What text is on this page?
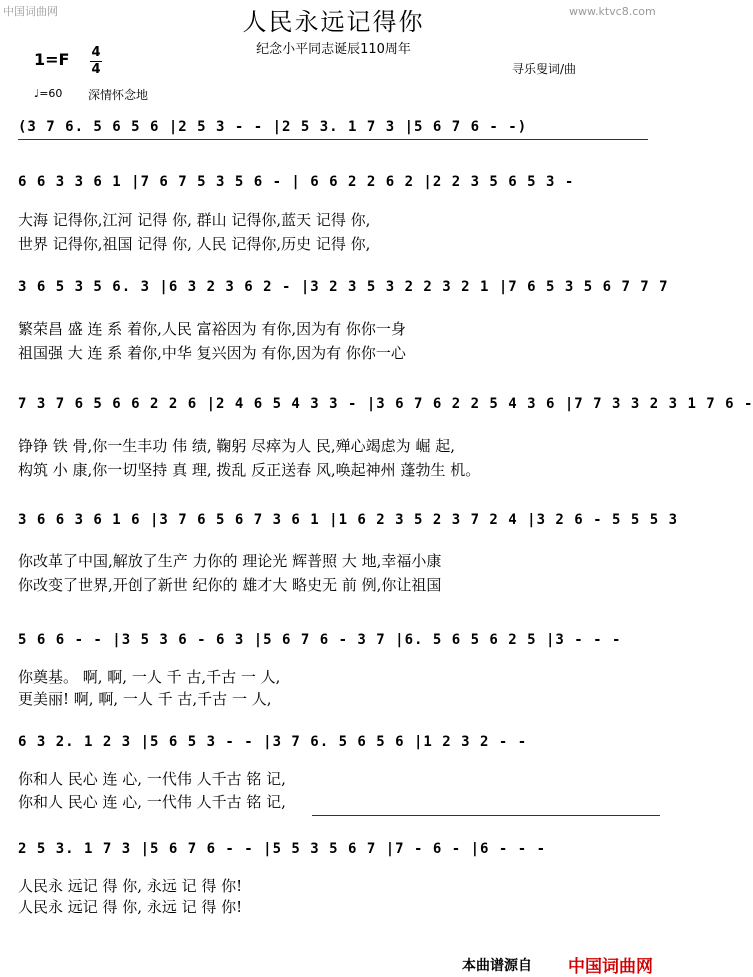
中国词曲网	www.ktvc8.com
人民永远记得你
纪念小平同志诞辰110周年
1=F 4
4
♩=60 深情怀念地
寻乐叟词/曲
(3 7 6. 5 6 5 6 |2 5 3 - - |2 5 3. 1 7 3 |5 6 7 6 - -)
6 6 3 3 6 1 |7 6 7 5 3 5 6 - | 6 6 2 2 6 2 |2 2 3 5 6 5 3 -
大海 记得你,江河 记得 你, 群山 记得你,蓝天 记得 你,
世界 记得你,祖国 记得 你, 人民 记得你,历史 记得 你,
3 6 5 3 5 6. 3 |6 3 2 3 6 2 - |3 2 3 5 3 2 2 3 2 1 |7 6 5 3 5 6 7 7 7
繁荣昌 盛 连 系 着你,人民 富裕因为 有你,因为有 你你一身
祖国强 大 连 系 着你,中华 复兴因为 有你,因为有 你你一心
7 3 7 6 5 6 6 2 2 6 |2 4 6 5 4 3 3 - |3 6 7 6 2 2 5 4 3 6 |7 7 3 3 2 3 1 7 6 -
铮铮 铁 骨,你一生丰功 伟 绩, 鞠躬 尽瘁为人 民,殚心竭虑为 崛 起,
构筑 小 康,你一切坚持 真 理, 拨乱 反正送春 风,唤起神州 蓬勃生 机。
3 6 6 3 6 1 6 |3 7 6 5 6 7 3 6 1 |1 6 2 3 5 2 3 7 2 4 |3 2 6 - 5 5 5 3
你改革了中国,解放了生产 力你的 理论光 辉普照 大 地,幸福小康
你改变了世界,开创了新世 纪你的 雄才大 略史无 前 例,你让祖国
5 6 6 - - |3 5 3 6 - 6 3 |5 6 7 6 - 3 7 |6. 5 6 5 6 2 5 |3 - - -
你奠基。 啊, 啊, 一人 千 古,千古 一 人,
更美丽! 啊, 啊, 一人 千 古,千古 一 人,
6 3 2. 1 2 3 |5 6 5 3 - - |3 7 6. 5 6 5 6 |1 2 3 2 - -
你和人 民心 连 心, 一代伟 人千古 铭 记,
你和人 民心 连 心, 一代伟 人千古 铭 记,
2 5 3. 1 7 3 |5 6 7 6 - - |5 5 3 5 6 7 |7 - 6 - |6 - - -
人民永 远记 得 你, 永远 记 得 你!
人民永 远记 得 你, 永远 记 得 你!
本曲谱源自 中国词曲网
